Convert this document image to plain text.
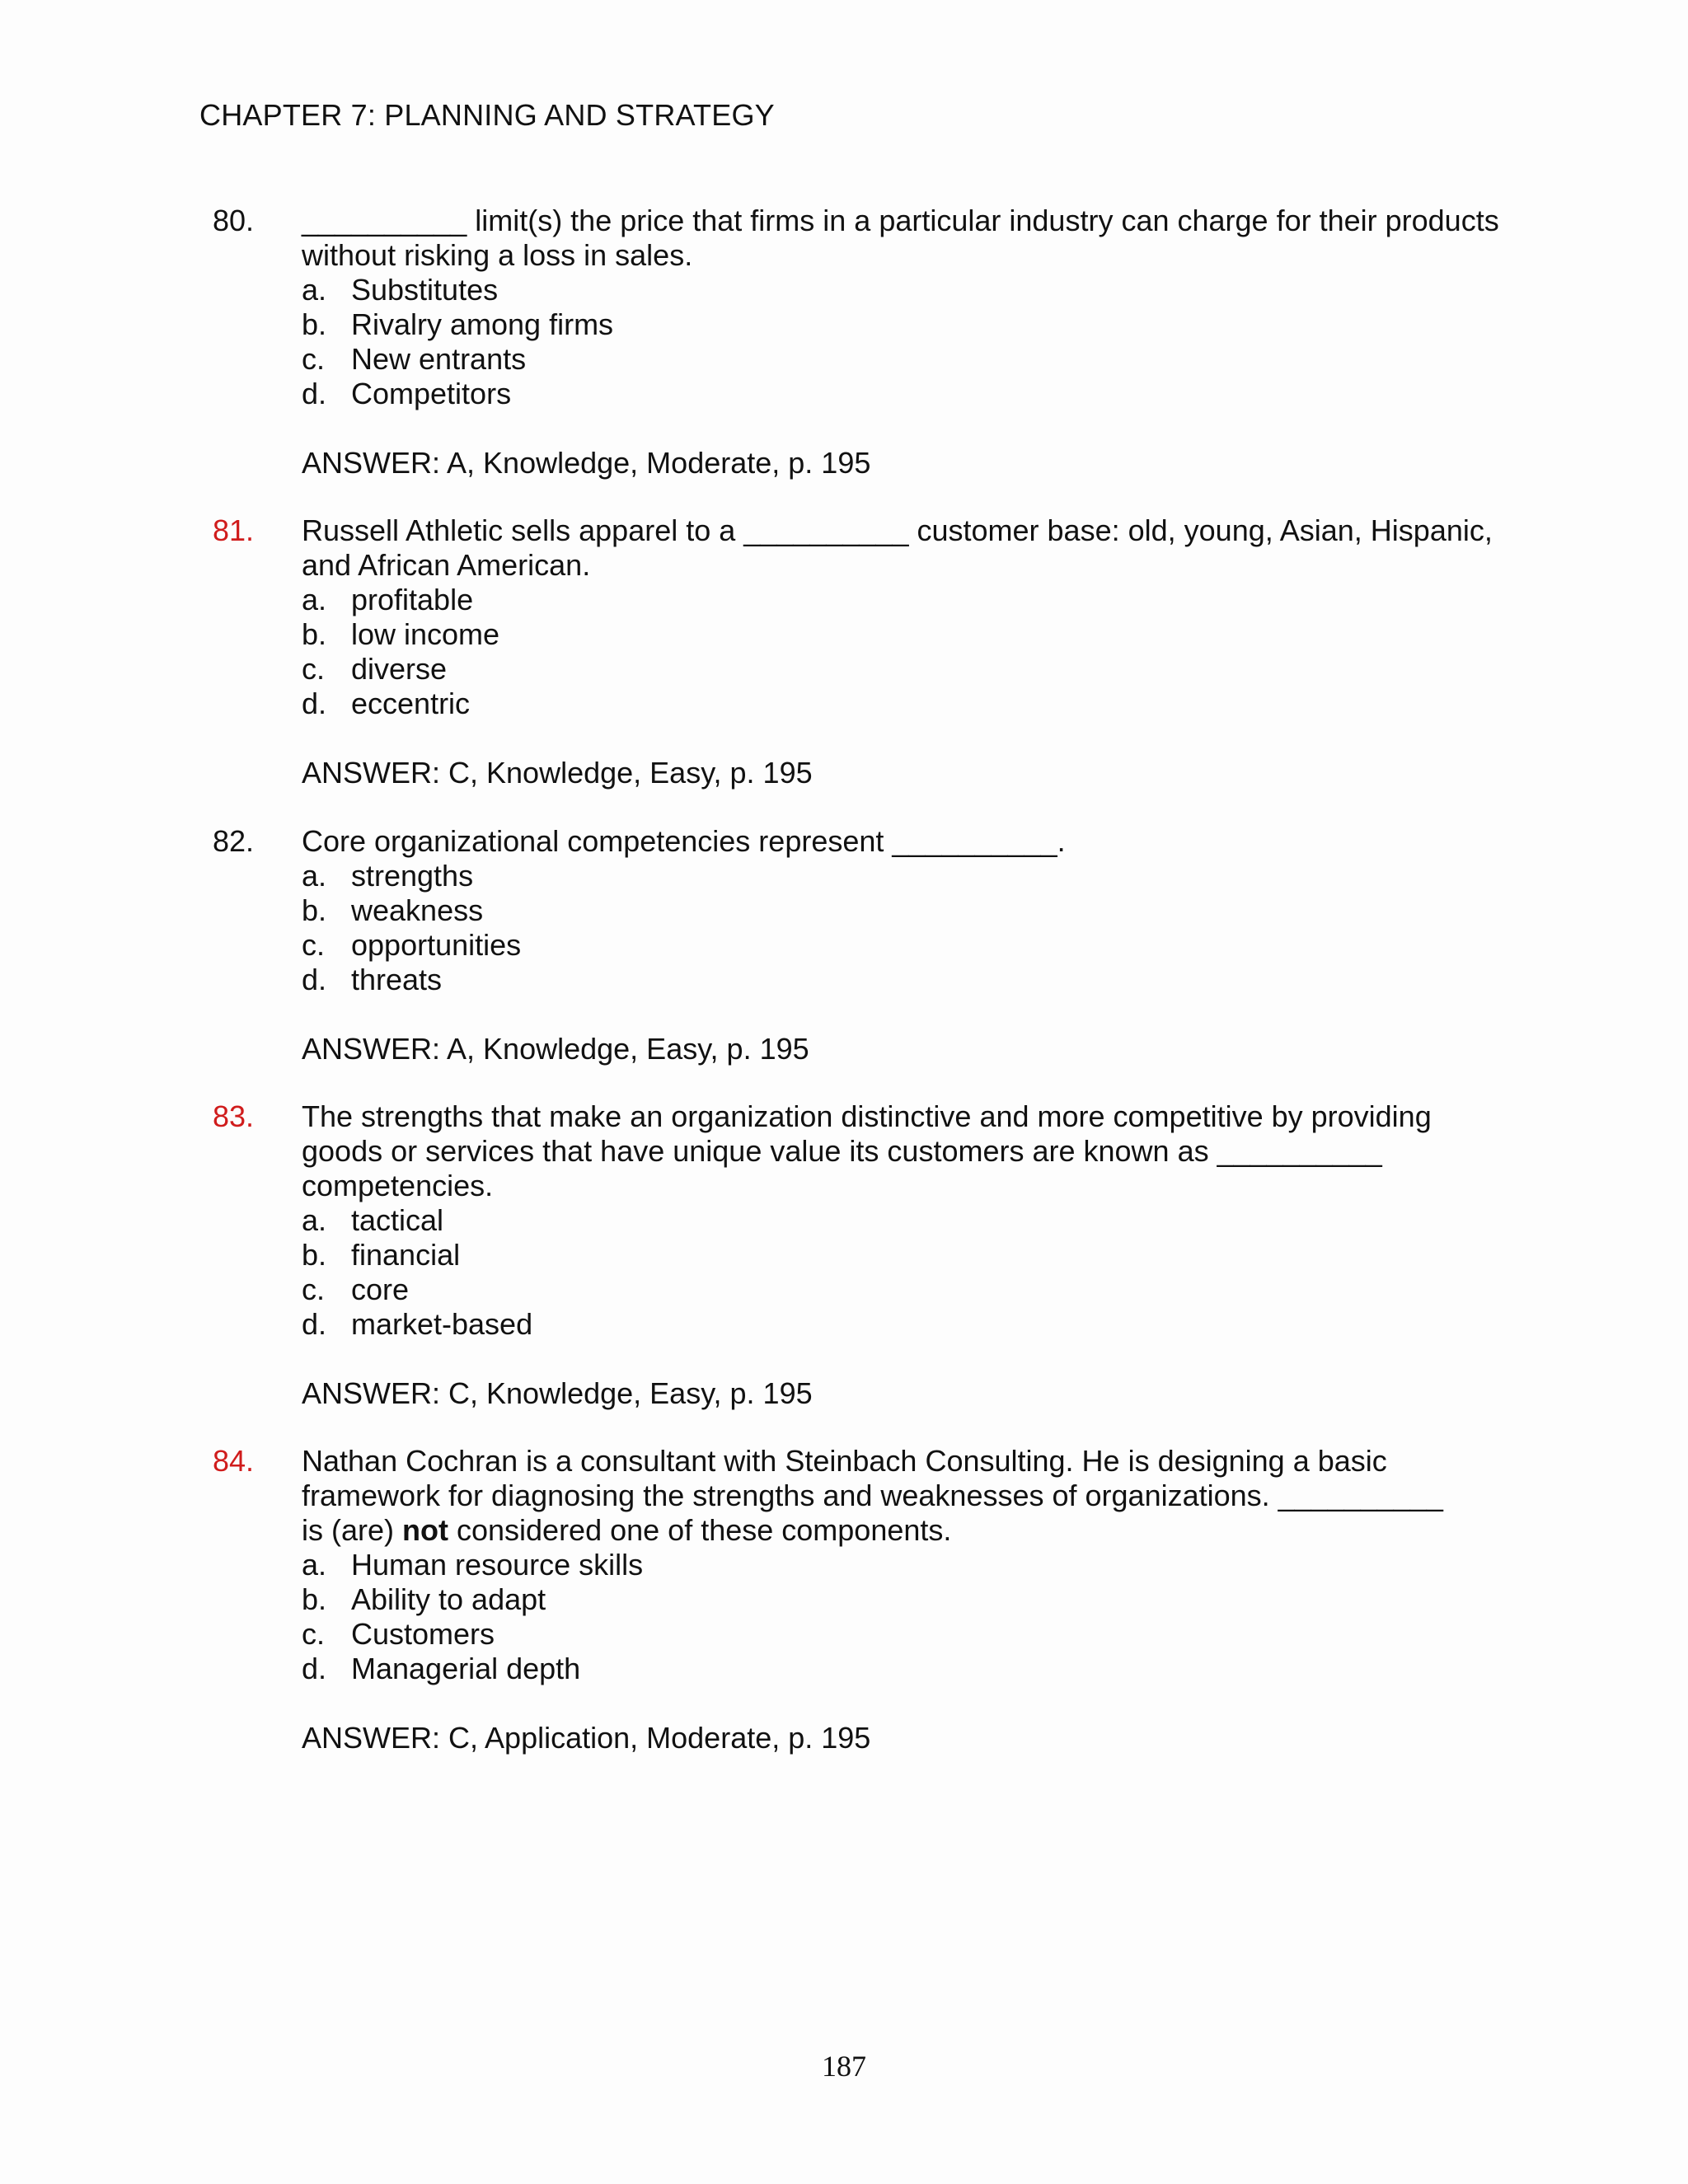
CHAPTER 7: PLANNING AND STRATEGY
80.	__________ limit(s) the price that firms in a particular industry can charge for their products without risking a loss in sales.
a. Substitutes
b. Rivalry among firms
c. New entrants
d. Competitors
ANSWER: A, Knowledge, Moderate, p. 195
81.	Russell Athletic sells apparel to a __________ customer base: old, young, Asian, Hispanic, and African American.
a. profitable
b. low income
c. diverse
d. eccentric
ANSWER: C, Knowledge, Easy, p. 195
82.	Core organizational competencies represent __________.
a. strengths
b. weakness
c. opportunities
d. threats
ANSWER: A, Knowledge, Easy, p. 195
83.	The strengths that make an organization distinctive and more competitive by providing goods or services that have unique value its customers are known as __________ competencies.
a. tactical
b. financial
c. core
d. market-based
ANSWER: C, Knowledge, Easy, p. 195
84.	Nathan Cochran is a consultant with Steinbach Consulting. He is designing a basic
framework for diagnosing the strengths and weaknesses of organizations. __________
is (are) not considered one of these components.
a. Human resource skills
b. Ability to adapt
c. Customers
d. Managerial depth
ANSWER: C, Application, Moderate, p. 195
187
